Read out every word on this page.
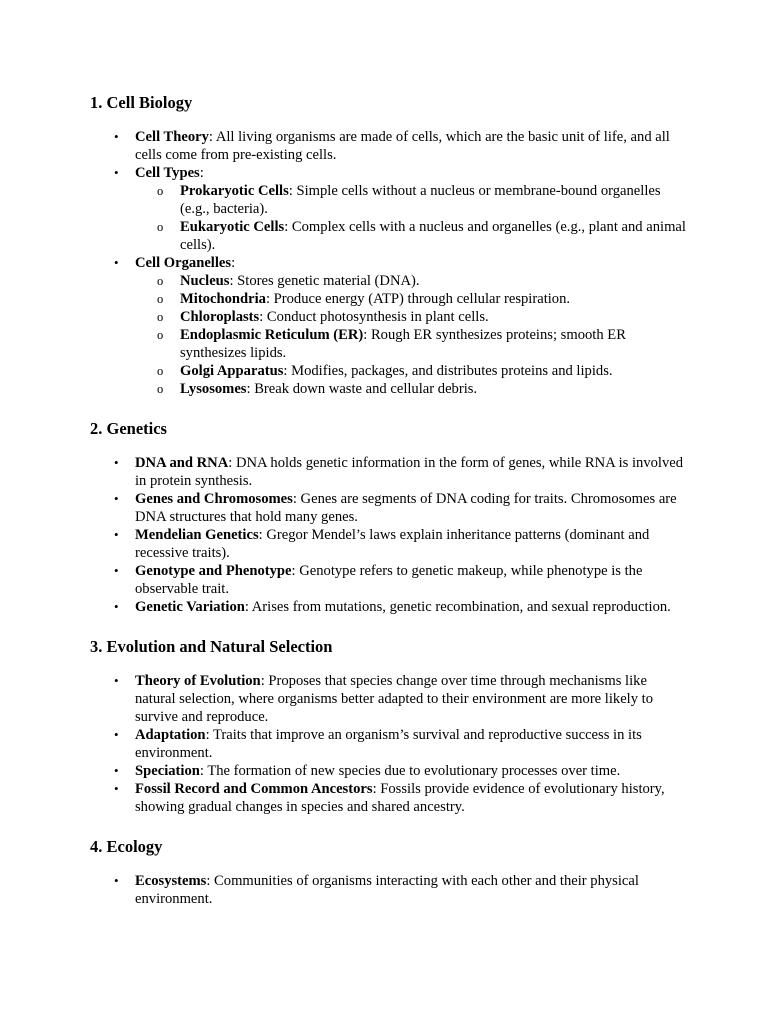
1. Cell Biology
•	Cell Theory: All living organisms are made of cells, which are the basic unit of life, and all cells come from pre-existing cells.
•	Cell Types:
o Prokaryotic Cells: Simple cells without a nucleus or membrane-bound organelles (e.g., bacteria).
o Eukaryotic Cells: Complex cells with a nucleus and organelles (e.g., plant and animal cells).
•	Cell Organelles:
o Nucleus: Stores genetic material (DNA).
o Mitochondria: Produce energy (ATP) through cellular respiration.
o Chloroplasts: Conduct photosynthesis in plant cells.
o Endoplasmic Reticulum (ER): Rough ER synthesizes proteins; smooth ER synthesizes lipids.
o Golgi Apparatus: Modifies, packages, and distributes proteins and lipids.
o Lysosomes: Break down waste and cellular debris.
2. Genetics
•	DNA and RNA: DNA holds genetic information in the form of genes, while RNA is involved in protein synthesis.
•	Genes and Chromosomes: Genes are segments of DNA coding for traits. Chromosomes are DNA structures that hold many genes.
•	Mendelian Genetics: Gregor Mendel’s laws explain inheritance patterns (dominant and recessive traits).
•	Genotype and Phenotype: Genotype refers to genetic makeup, while phenotype is the observable trait.
•	Genetic Variation: Arises from mutations, genetic recombination, and sexual reproduction.
3. Evolution and Natural Selection
•	Theory of Evolution: Proposes that species change over time through mechanisms like natural selection, where organisms better adapted to their environment are more likely to survive and reproduce.
•	Adaptation: Traits that improve an organism’s survival and reproductive success in its environment.
•	Speciation: The formation of new species due to evolutionary processes over time.
•	Fossil Record and Common Ancestors: Fossils provide evidence of evolutionary history, showing gradual changes in species and shared ancestry.
4. Ecology
•	Ecosystems: Communities of organisms interacting with each other and their physical environment.
